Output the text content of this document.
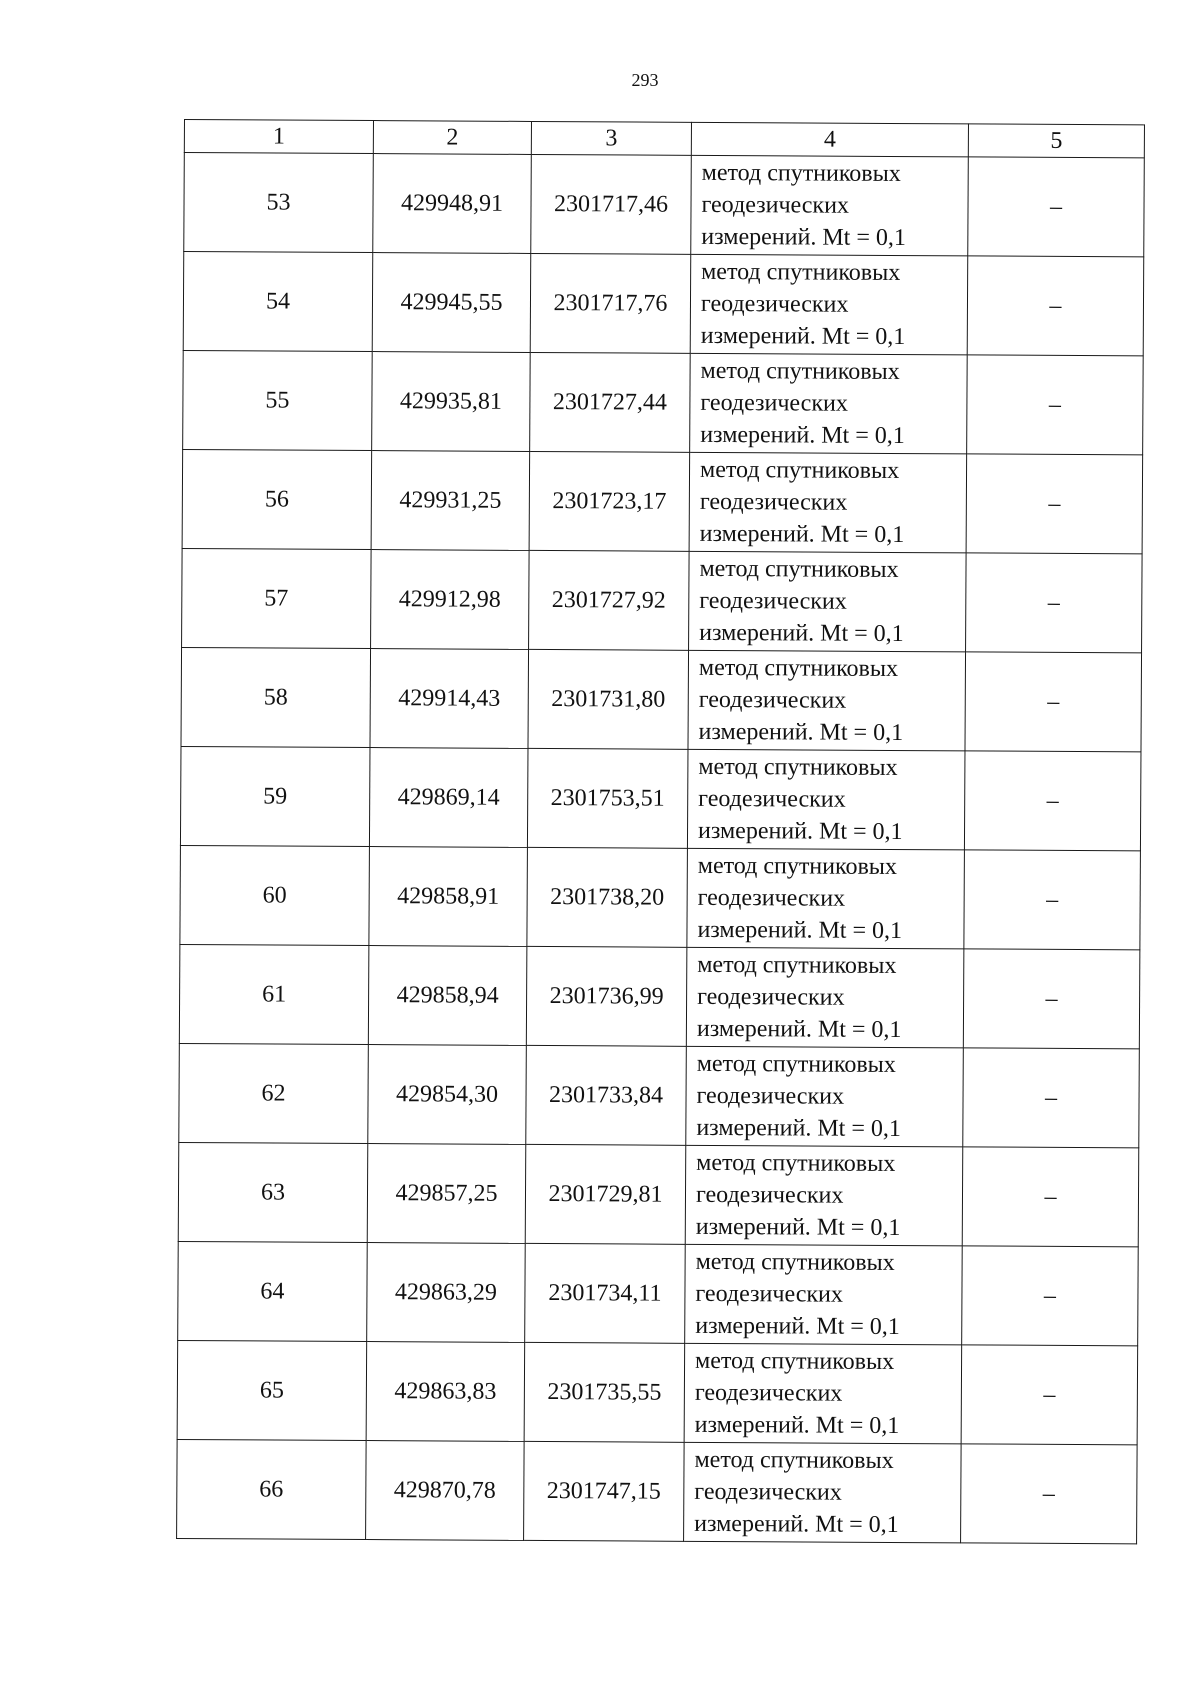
293
1	2	3	4	5
53	429948,91	2301717,46	метод спутниковых
геодезических
измерений. Mt = 0,1	–
54	429945,55	2301717,76	метод спутниковых
геодезических
измерений. Mt = 0,1	–
55	429935,81	2301727,44	метод спутниковых
геодезических
измерений. Mt = 0,1	–
56	429931,25	2301723,17	метод спутниковых
геодезических
измерений. Mt = 0,1	–
57	429912,98	2301727,92	метод спутниковых
геодезических
измерений. Mt = 0,1	–
58	429914,43	2301731,80	метод спутниковых
геодезических
измерений. Mt = 0,1	–
59	429869,14	2301753,51	метод спутниковых
геодезических
измерений. Mt = 0,1	–
60	429858,91	2301738,20	метод спутниковых
геодезических
измерений. Mt = 0,1	–
61	429858,94	2301736,99	метод спутниковых
геодезических
измерений. Mt = 0,1	–
62	429854,30	2301733,84	метод спутниковых
геодезических
измерений. Mt = 0,1	–
63	429857,25	2301729,81	метод спутниковых
геодезических
измерений. Mt = 0,1	–
64	429863,29	2301734,11	метод спутниковых
геодезических
измерений. Mt = 0,1	–
65	429863,83	2301735,55	метод спутниковых
геодезических
измерений. Mt = 0,1	–
66	429870,78	2301747,15	метод спутниковых
геодезических
измерений. Mt = 0,1	–
